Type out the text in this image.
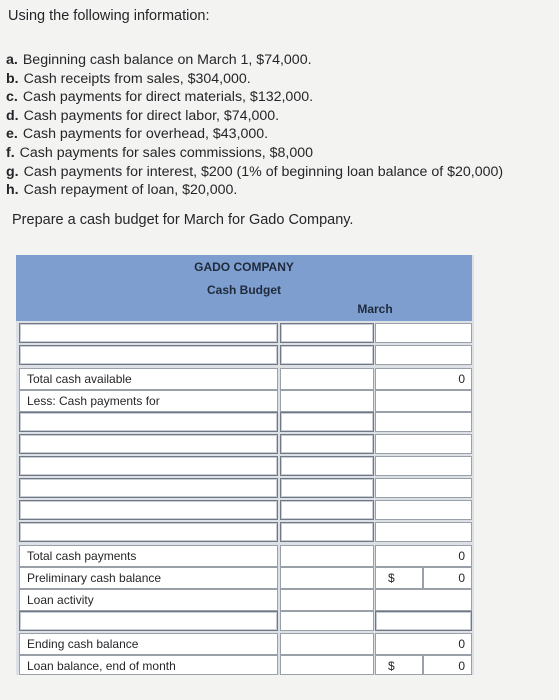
Using the following information:
a. Beginning cash balance on March 1, $74,000.
b. Cash receipts from sales, $304,000.
c. Cash payments for direct materials, $132,000.
d. Cash payments for direct labor, $74,000.
e. Cash payments for overhead, $43,000.
f. Cash payments for sales commissions, $8,000
g. Cash payments for interest, $200 (1% of beginning loan balance of $20,000)
h. Cash repayment of loan, $20,000.
Prepare a cash budget for March for Gado Company.
GADO COMPANY
Cash Budget
March
Total cash available	0
Less: Cash payments for
Total cash payments	0
Preliminary cash balance	$	0
Loan activity
Ending cash balance	0
Loan balance, end of month	$	0
